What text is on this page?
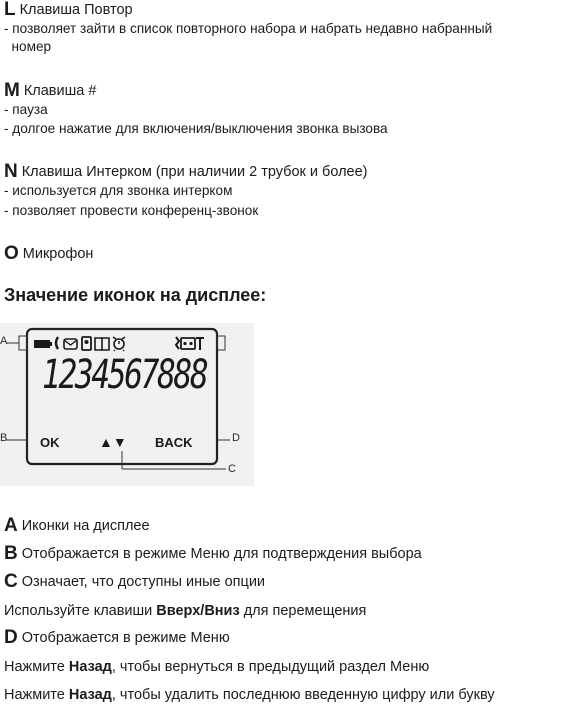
L Клавиша Повтор
- позволяет зайти в список повторного набора и набрать недавно набранный
номер
M Клавиша #
- пауза
- долгое нажатие для включения/выключения звонка вызова
N Клавиша Интерком (при наличии 2 трубок и более)
- используется для звонка интерком
- позволяет провести конференц-звонок
O Микрофон
Значение иконок на дисплее:
A
B
C
D
1234567888
OK	▲▼ BACK
A Иконки на дисплее
B Отображается в режиме Меню для подтверждения выбора
C Означает, что доступны иные опции
Используйте клавиши Вверх/Вниз для перемещения
D Отображается в режиме Меню
Нажмите Назад, чтобы вернуться в предыдущий раздел Меню
Нажмите Назад, чтобы удалить последнюю введенную цифру или букву
